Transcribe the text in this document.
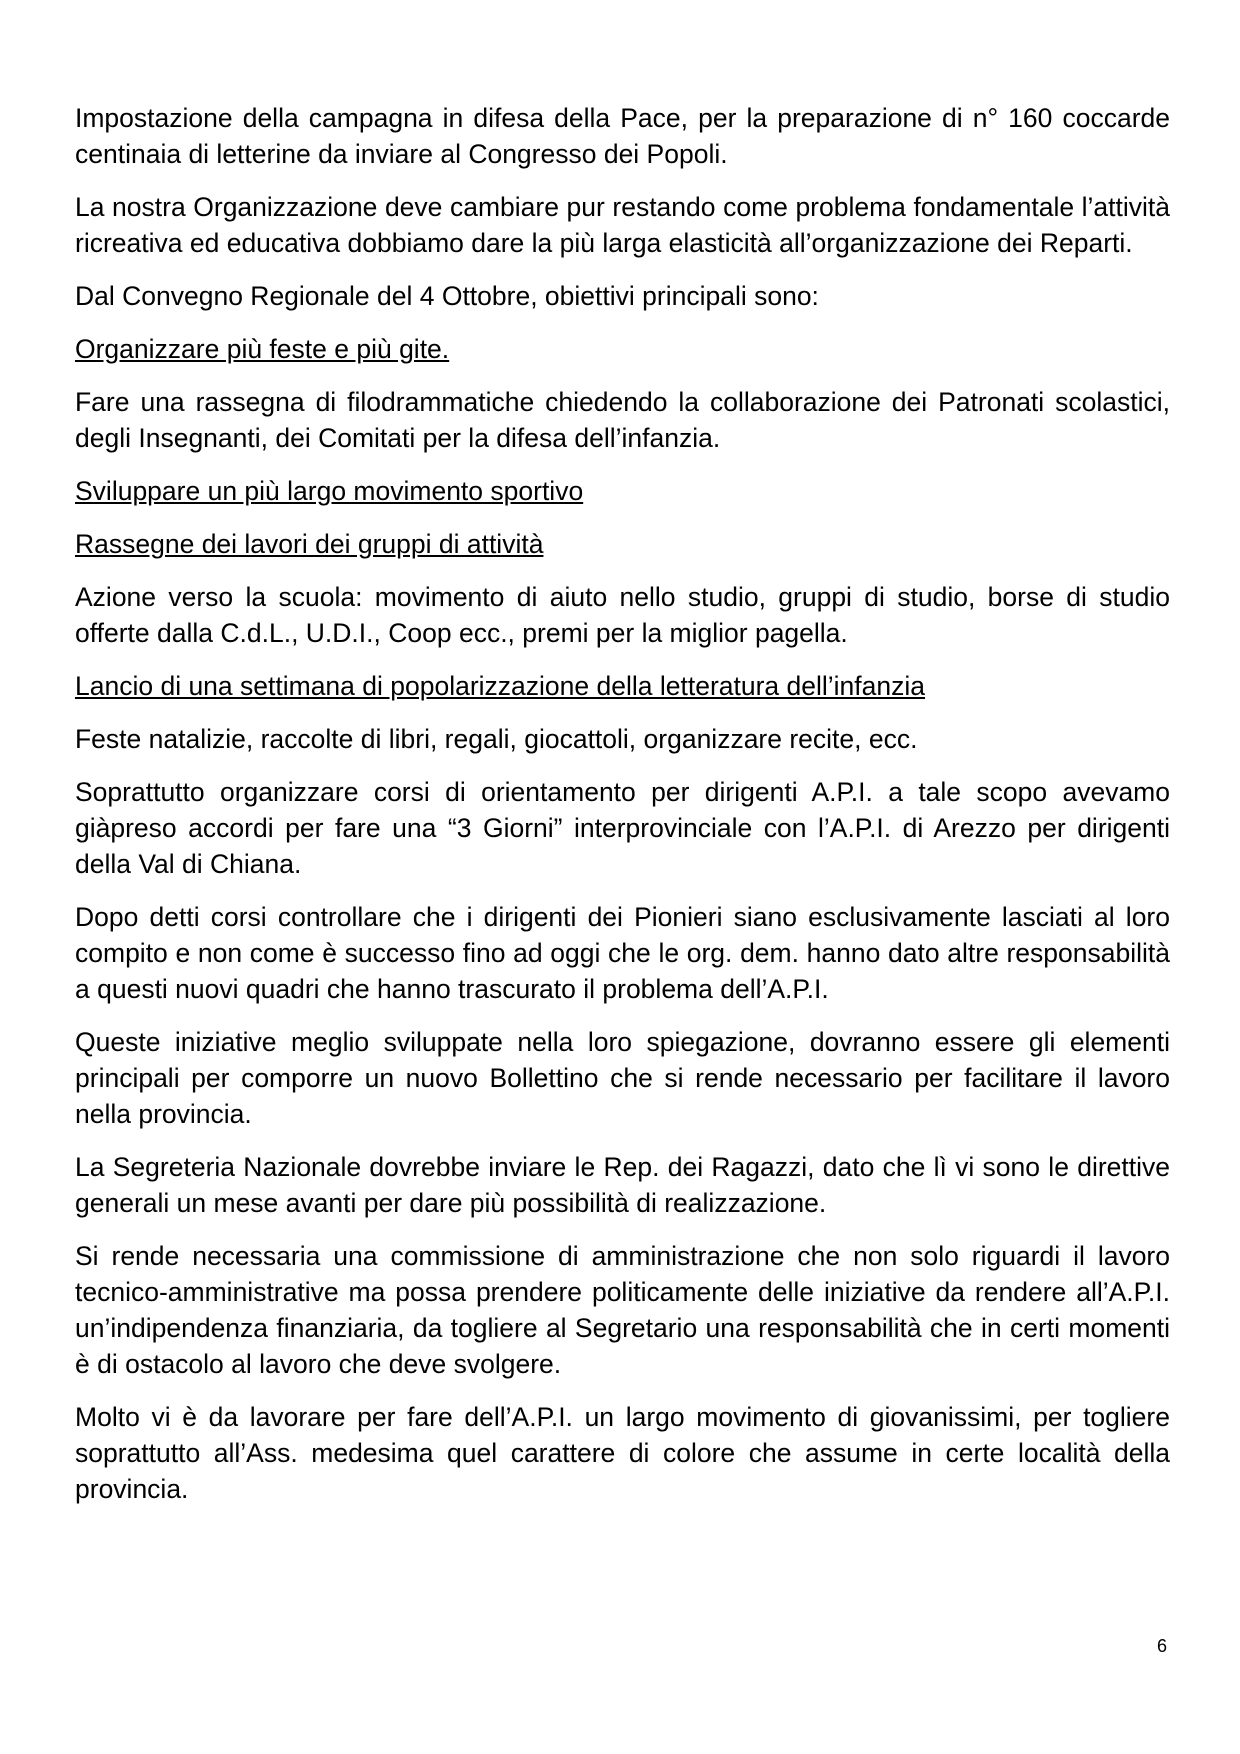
Impostazione della campagna in difesa della Pace, per la preparazione di n° 160 coccarde centinaia di letterine da inviare al Congresso dei Popoli.

La nostra Organizzazione deve cambiare pur restando come problema fondamentale l’attività ricreativa ed educativa dobbiamo dare la più larga elasticità all’organizzazione dei Reparti.

Dal Convegno Regionale del 4 Ottobre, obiettivi principali sono:

Organizzare più feste e più gite.

Fare una rassegna di filodrammatiche chiedendo la collaborazione dei Patronati scolastici, degli Insegnanti, dei Comitati per la difesa dell’infanzia.

Sviluppare un più largo movimento sportivo

Rassegne dei lavori dei gruppi di attività

Azione verso la scuola: movimento di aiuto nello studio, gruppi di studio, borse di studio offerte dalla C.d.L., U.D.I., Coop ecc., premi per la miglior pagella.

Lancio di una settimana di popolarizzazione della letteratura dell’infanzia

Feste natalizie, raccolte di libri, regali, giocattoli, organizzare recite, ecc.

Soprattutto organizzare corsi di orientamento per dirigenti A.P.I. a tale scopo avevamo giàpreso accordi per fare una “3 Giorni” interprovinciale con l’A.P.I. di Arezzo per dirigenti della Val di Chiana.

Dopo detti corsi controllare che i dirigenti dei Pionieri siano esclusivamente lasciati al loro compito e non come è successo fino ad oggi che le org. dem. hanno dato altre responsabilità a questi nuovi quadri che hanno trascurato il problema dell’A.P.I.

Queste iniziative meglio sviluppate nella loro spiegazione, dovranno essere gli elementi principali per comporre un nuovo Bollettino che si rende necessario per facilitare il lavoro nella provincia.

La Segreteria Nazionale dovrebbe inviare le Rep. dei Ragazzi, dato che lì vi sono le direttive generali un mese avanti per dare più possibilità di realizzazione.

Si rende necessaria una commissione di amministrazione che non solo riguardi il lavoro tecnico-amministrative ma possa prendere politicamente delle iniziative da rendere all’A.P.I. un’indipendenza finanziaria, da togliere al Segretario una responsabilità che in certi momenti è di ostacolo al lavoro che deve svolgere.

Molto vi è da lavorare per fare dell’A.P.I. un largo movimento di giovanissimi, per togliere soprattutto all’Ass. medesima quel carattere di colore che assume in certe località della provincia.

6
